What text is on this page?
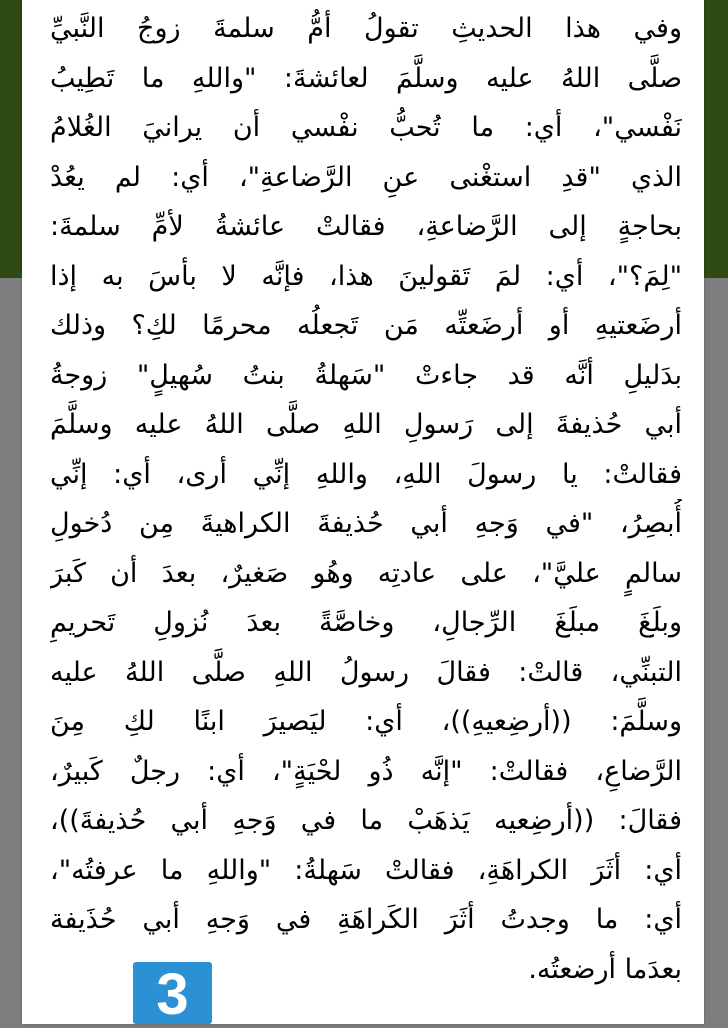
وفي هذا الحديثِ تقولُ أمُّ سلمةَ زوجُ النَّبيِّ
صلَّى اللهُ عليه وسلَّمَ لعائشةَ: "واللهِ ما تَطِيبُ
نَفْسي"، أي: ما تُحبُّ نفْسي أن يرانيَ الغُلامُ
الذي "قدِ استغْنى عنِ الرَّضاعةِ"، أي: لم يعُدْ
بحاجةٍ إلى الرَّضاعةِ، فقالتْ عائشةُ لأمِّ سلمةَ:
"لِمَ؟"، أي: لمَ تَقولينَ هذا، فإنَّه لا بأسَ به إذا
أرضَعتيهِ أو أرضَعتِّه مَن تَجعلُه محرمًا لكِ؟ وذلك
بدَليلِ أنَّه قد جاءتْ "سَهلةُ بنتُ سُهيلٍ" زوجةُ
أبي حُذيفةَ إلى رَسولِ اللهِ صلَّى اللهُ عليه وسلَّمَ
فقالتْ: يا رسولَ اللهِ، واللهِ إنِّي أرى، أي: إنِّي
أُبصِرُ، "في وَجهِ أبي حُذيفةَ الكراهيةَ مِن دُخولِ
سالمٍ عليَّ"، على عادتِه وهُو صَغيرٌ، بعدَ أن كَبرَ
وبلَغَ مبلَغَ الرِّجالِ، وخاصَّةً بعدَ نُزولِ تَحريمِ
التبنِّي، قالتْ: فقالَ رسولُ اللهِ صلَّى اللهُ عليه
وسلَّمَ: ((أرضِعيهِ))، أي: ليَصيرَ ابنًا لكِ مِنَ
الرَّضاعِ، فقالتْ: "إنَّه ذُو لحْيَةٍ"، أي: رجلٌ كَبيرٌ،
فقالَ: ((أرضِعيه يَذهَبْ ما في وَجهِ أبي حُذيفةَ))،
أي: أثَرَ الكراهَةِ، فقالتْ سَهلةُ: "واللهِ ما عرفتُه"،
أي: ما وجدتُ أثَرَ الكَراهَةِ في وَجهِ أبي حُذَيفة
بعدَما أرضعتُه.
3
